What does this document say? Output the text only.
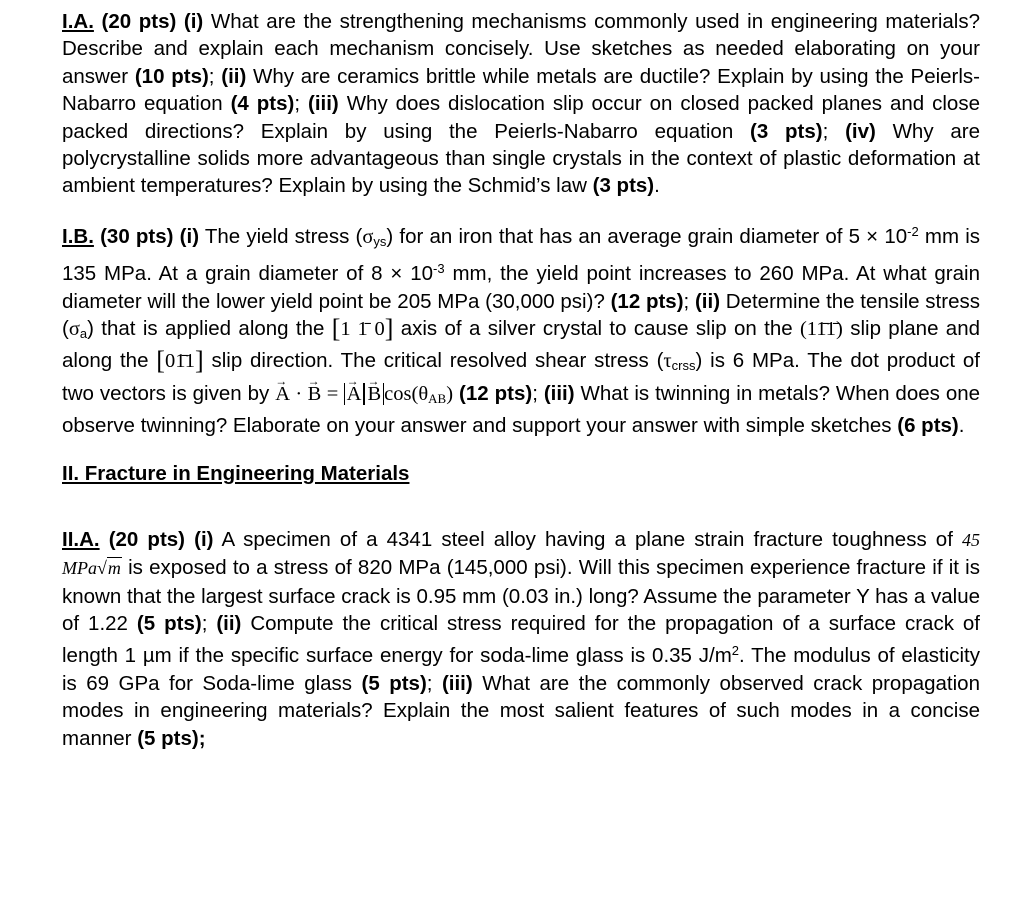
I.A. (20 pts) (i) What are the strengthening mechanisms commonly used in engineering materials? Describe and explain each mechanism concisely. Use sketches as needed elaborating on your answer (10 pts); (ii) Why are ceramics brittle while metals are ductile? Explain by using the Peierls-Nabarro equation (4 pts); (iii) Why does dislocation slip occur on closed packed planes and close packed directions? Explain by using the Peierls-Nabarro equation (3 pts); (iv) Why are polycrystalline solids more advantageous than single crystals in the context of plastic deformation at ambient temperatures? Explain by using the Schmid’s law (3 pts).

I.B. (30 pts) (i) The yield stress $(\sigma_{ys})$ for an iron that has an average grain diameter of $5 \times 10^{-2}$ mm is 135 MPa. At a grain diameter of $8 \times 10^{-3}$ mm, the yield point increases to 260 MPa. At what grain diameter will the lower yield point be 205 MPa (30,000 psi)? (12 pts); (ii) Determine the tensile stress $(\sigma_a)$ that is applied along the [1 1̄ 0] axis of a silver crystal to cause slip on the (11̄1̄) slip plane and along the [01̄1] slip direction. The critical resolved shear stress $(\tau_{crss})$ is 6 MPa. The dot product of two vectors is given by → A · → B = → A → B $\cos(\theta_{AB})$ (12 pts); (iii) What is twinning in metals? When does one observe twinning? Elaborate on your answer and support your answer with simple sketches (6 pts).

II. Fracture in Engineering Materials

II.A. (20 pts) (i) A specimen of a 4341 steel alloy having a plane strain fracture toughness of 45 MPa√m is exposed to a stress of 820 MPa (145,000 psi). Will this specimen experience fracture if it is known that the largest surface crack is 0.95 mm (0.03 in.) long? Assume the parameter Y has a value of 1.22 (5 pts); (ii) Compute the critical stress required for the propagation of a surface crack of length 1 µm if the specific surface energy for soda-lime glass is 0.35 $J/m^2$. The modulus of elasticity is 69 GPa for Soda-lime glass (5 pts); (iii) What are the commonly observed crack propagation modes in engineering materials? Explain the most salient features of such modes in a concise manner (5 pts);
